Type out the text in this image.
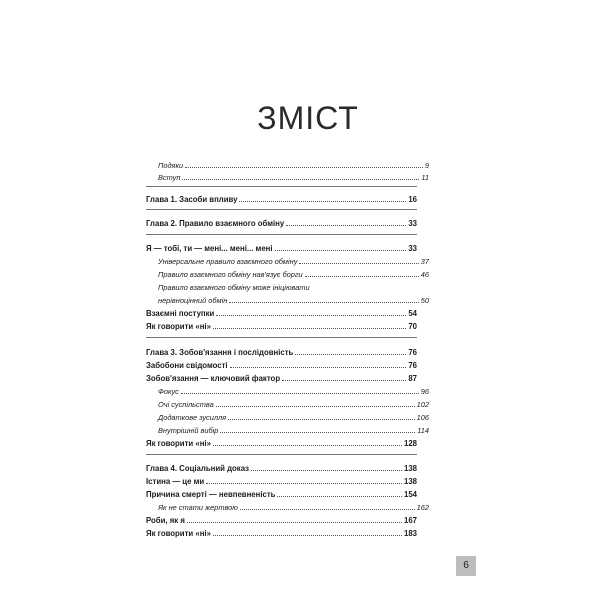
ЗМІСТ
Подяки	9
Вступ	11
Глава 1. Засоби впливу	16
Глава 2. Правило взаємного обміну	33
Я — тобі, ти — мені... мені... мені	33
Універсальне правило взаємного обміну	37
Правило взаємного обміну нав'язує борги	46
Правило взаємного обміну може ініціювати
нерівноцінний обмін	50
Взаємні поступки	54
Як говорити «ні»	70
Глава 3. Зобов'язання і послідовність	76
Забобони свідомості	76
Зобов'язання — ключовий фактор	87
Фокус	96
Очі суспільства	102
Додаткове зусилля	106
Внутрішній вибір	114
Як говорити «ні»	128
Глава 4. Соціальний доказ	138
Істина — це ми	138
Причина смерті — невпевненість	154
Як не стати жертвою	162
Роби, як я	167
Як говорити «ні»	183
6
